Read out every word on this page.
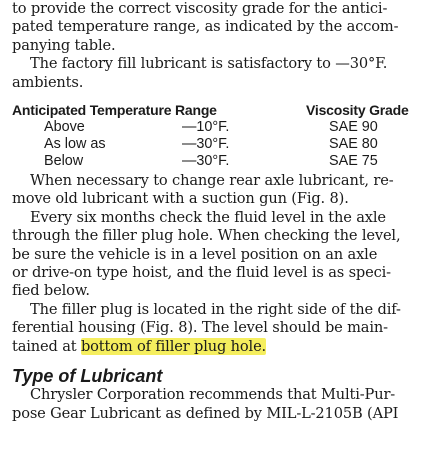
to provide the correct viscosity grade for the antici-
pated temperature range, as indicated by the accom-
panying table.

The factory fill lubricant is satisfactory to —30°F.
ambients.

Anticipated Temperature Range	Viscosity Grade
Above	—10°F.	SAE 90
As low as	—30°F.	SAE 80
Below	—30°F.	SAE 75

When necessary to change rear axle lubricant, re-
move old lubricant with a suction gun (Fig. 8).

Every six months check the fluid level in the axle
through the filler plug hole. When checking the level,
be sure the vehicle is in a level position on an axle
or drive-on type hoist, and the fluid level is as speci-
fied below.

The filler plug is located in the right side of the dif-
ferential housing (Fig. 8). The level should be main-
tained at bottom of filler plug hole.

Type of Lubricant

Chrysler Corporation recommends that Multi-Pur-
pose Gear Lubricant as defined by MIL-L-2105B (API
